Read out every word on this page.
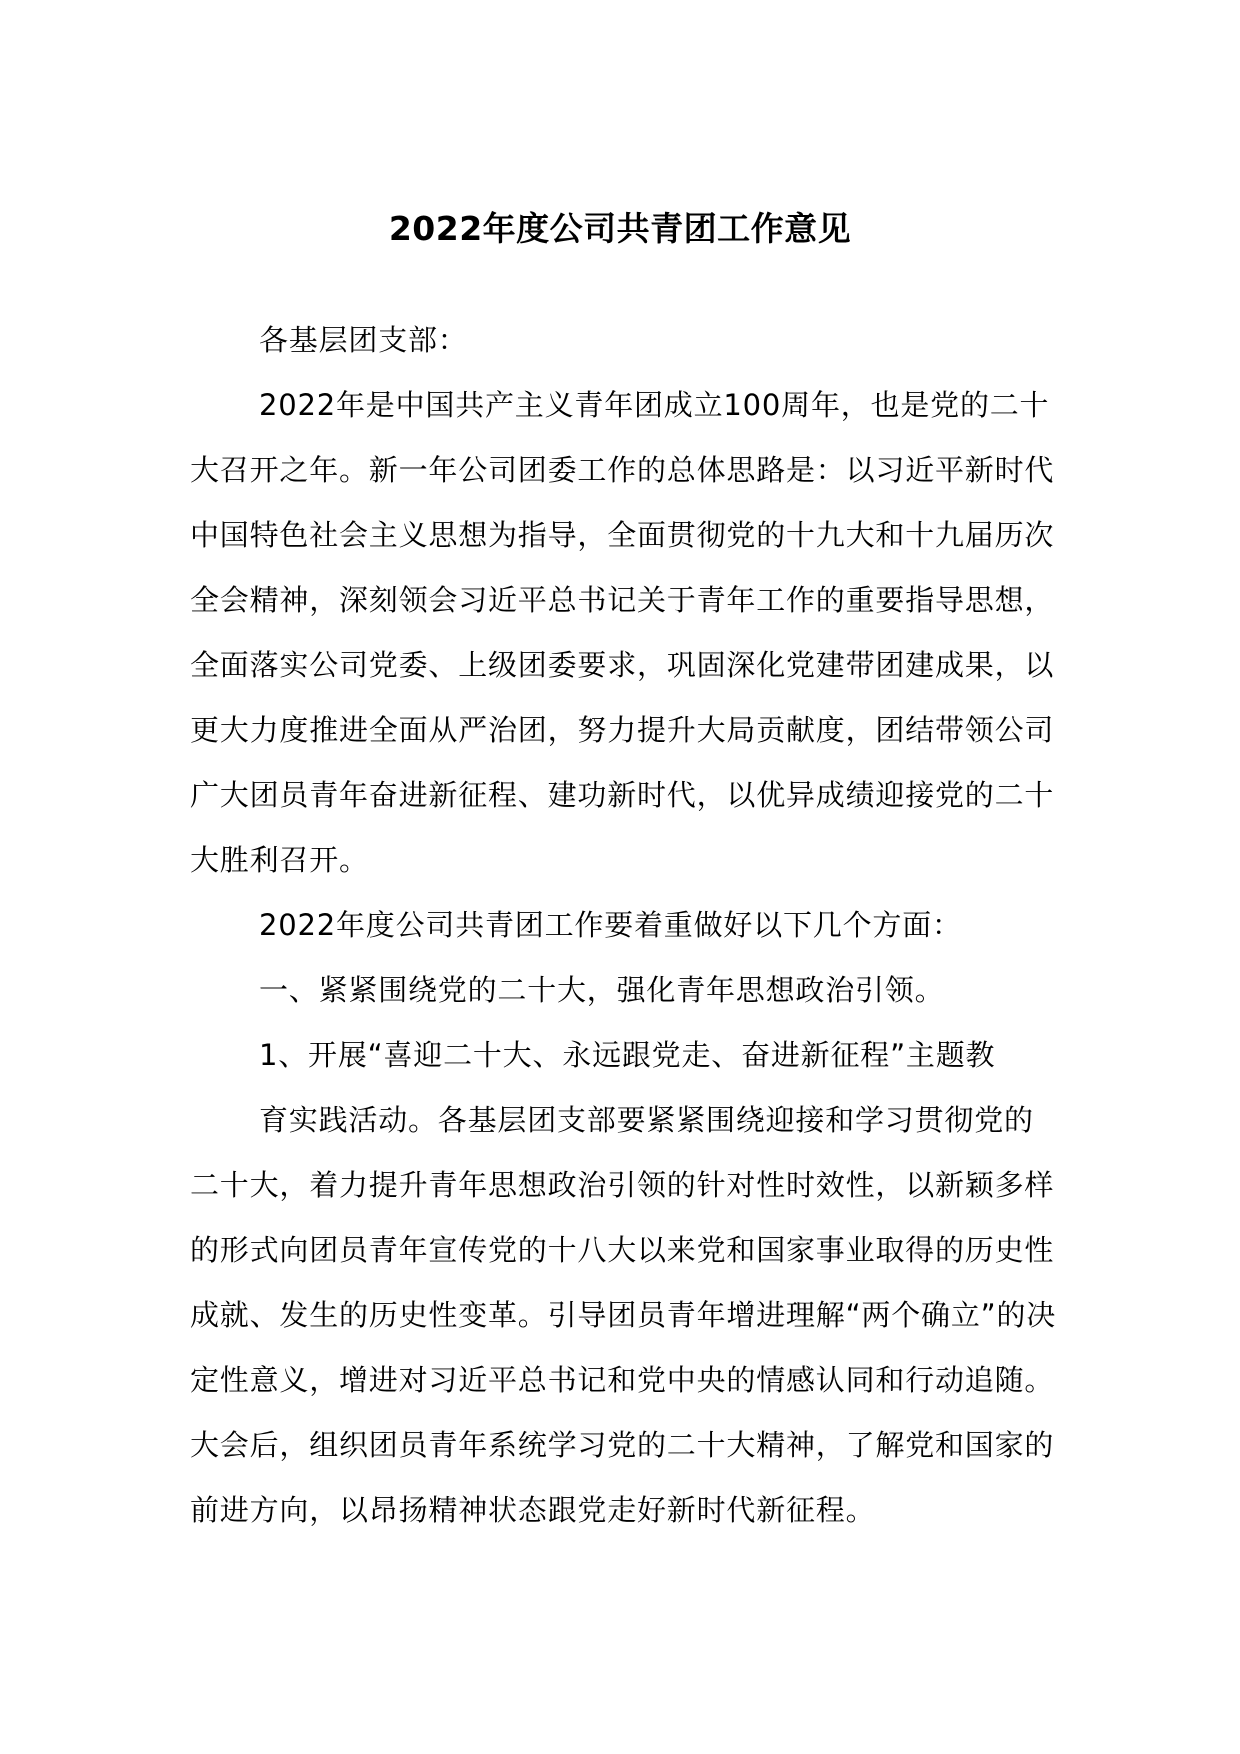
2022年度公司共青团工作意见

各基层团支部：

2022年是中国共产主义青年团成立100周年，也是党的二十大召开之年。新一年公司团委工作的总体思路是：以习近平新时代中国特色社会主义思想为指导，全面贯彻党的十九大和十九届历次全会精神，深刻领会习近平总书记关于青年工作的重要指导思想，全面落实公司党委、上级团委要求，巩固深化党建带团建成果，以更大力度推进全面从严治团，努力提升大局贡献度，团结带领公司广大团员青年奋进新征程、建功新时代，以优异成绩迎接党的二十大胜利召开。

2022年度公司共青团工作要着重做好以下几个方面：

一、紧紧围绕党的二十大，强化青年思想政治引领。

1、开展“喜迎二十大、永远跟党走、奋进新征程”主题教

育实践活动。各基层团支部要紧紧围绕迎接和学习贯彻党的二十大，着力提升青年思想政治引领的针对性时效性，以新颖多样的形式向团员青年宣传党的十八大以来党和国家事业取得的历史性成就、发生的历史性变革。引导团员青年增进理解“两个确立”的决定性意义，增进对习近平总书记和党中央的情感认同和行动追随。

大会后，组织团员青年系统学习党的二十大精神，了解党和国家的前进方向，以昂扬精神状态跟党走好新时代新征程。
